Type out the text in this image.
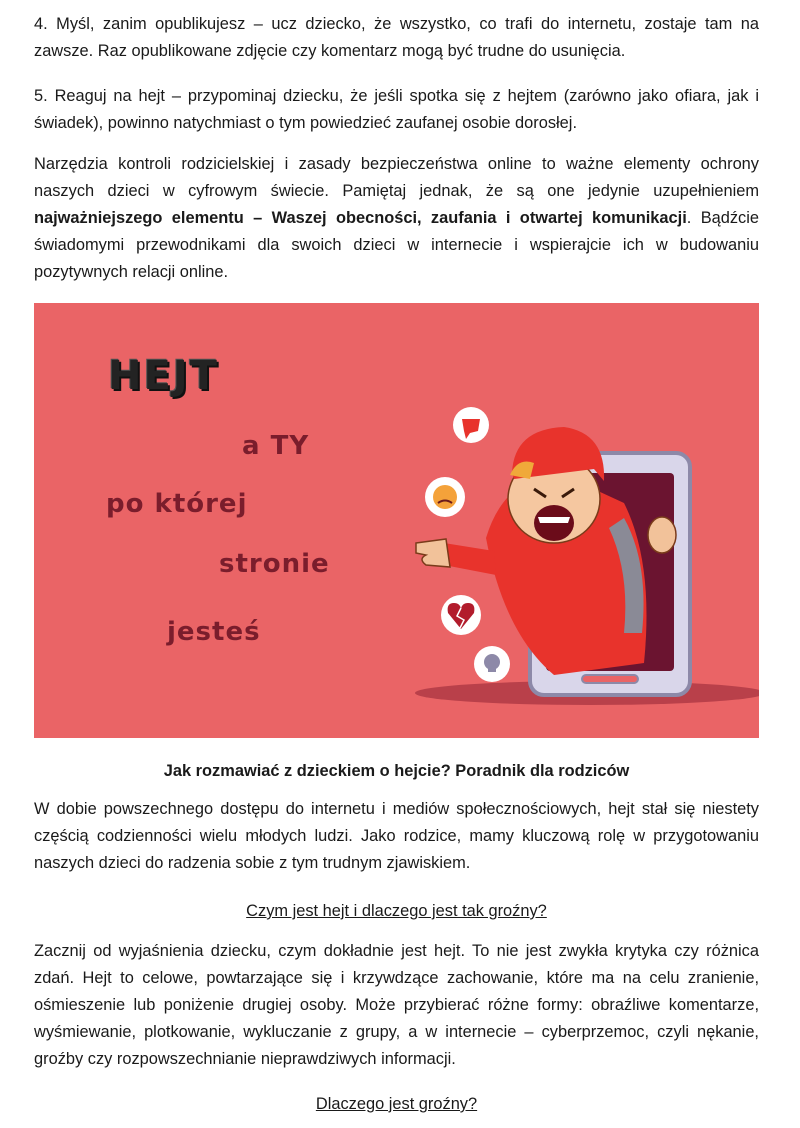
4. Myśl, zanim opublikujesz – ucz dziecko, że wszystko, co trafi do internetu, zostaje tam na zawsze. Raz opublikowane zdjęcie czy komentarz mogą być trudne do usunięcia.

5. Reaguj na hejt – przypominaj dziecku, że jeśli spotka się z hejtem (zarówno jako ofiara, jak i świadek), powinno natychmiast o tym powiedzieć zaufanej osobie dorosłej.

Narzędzia kontroli rodzicielskiej i zasady bezpieczeństwa online to ważne elementy ochrony naszych dzieci w cyfrowym świecie. Pamiętaj jednak, że są one jedynie uzupełnieniem najważniejszego elementu – Waszej obecności, zaufania i otwartej komunikacji. Bądźcie świadomymi przewodnikami dla swoich dzieci w internecie i wspierajcie ich w budowaniu pozytywnych relacji online.

Jak rozmawiać z dzieckiem o hejcie? Poradnik dla rodziców

W dobie powszechnego dostępu do internetu i mediów społecznościowych, hejt stał się niestety częścią codzienności wielu młodych ludzi. Jako rodzice, mamy kluczową rolę w przygotowaniu naszych dzieci do radzenia sobie z tym trudnym zjawiskiem.

Czym jest hejt i dlaczego jest tak groźny?

Zacznij od wyjaśnienia dziecku, czym dokładnie jest hejt. To nie jest zwykła krytyka czy różnica zdań. Hejt to celowe, powtarzające się i krzywdzące zachowanie, które ma na celu zranienie, ośmieszenie lub poniżenie drugiej osoby. Może przybierać różne formy: obraźliwe komentarze, wyśmiewanie, plotkowanie, wykluczanie z grupy, a w internecie – cyberprzemoc, czyli nękanie, groźby czy rozpowszechnianie nieprawdziwych informacji.

Dlaczego jest groźny?
HEJT
a TY
po której
stronie
jesteś
